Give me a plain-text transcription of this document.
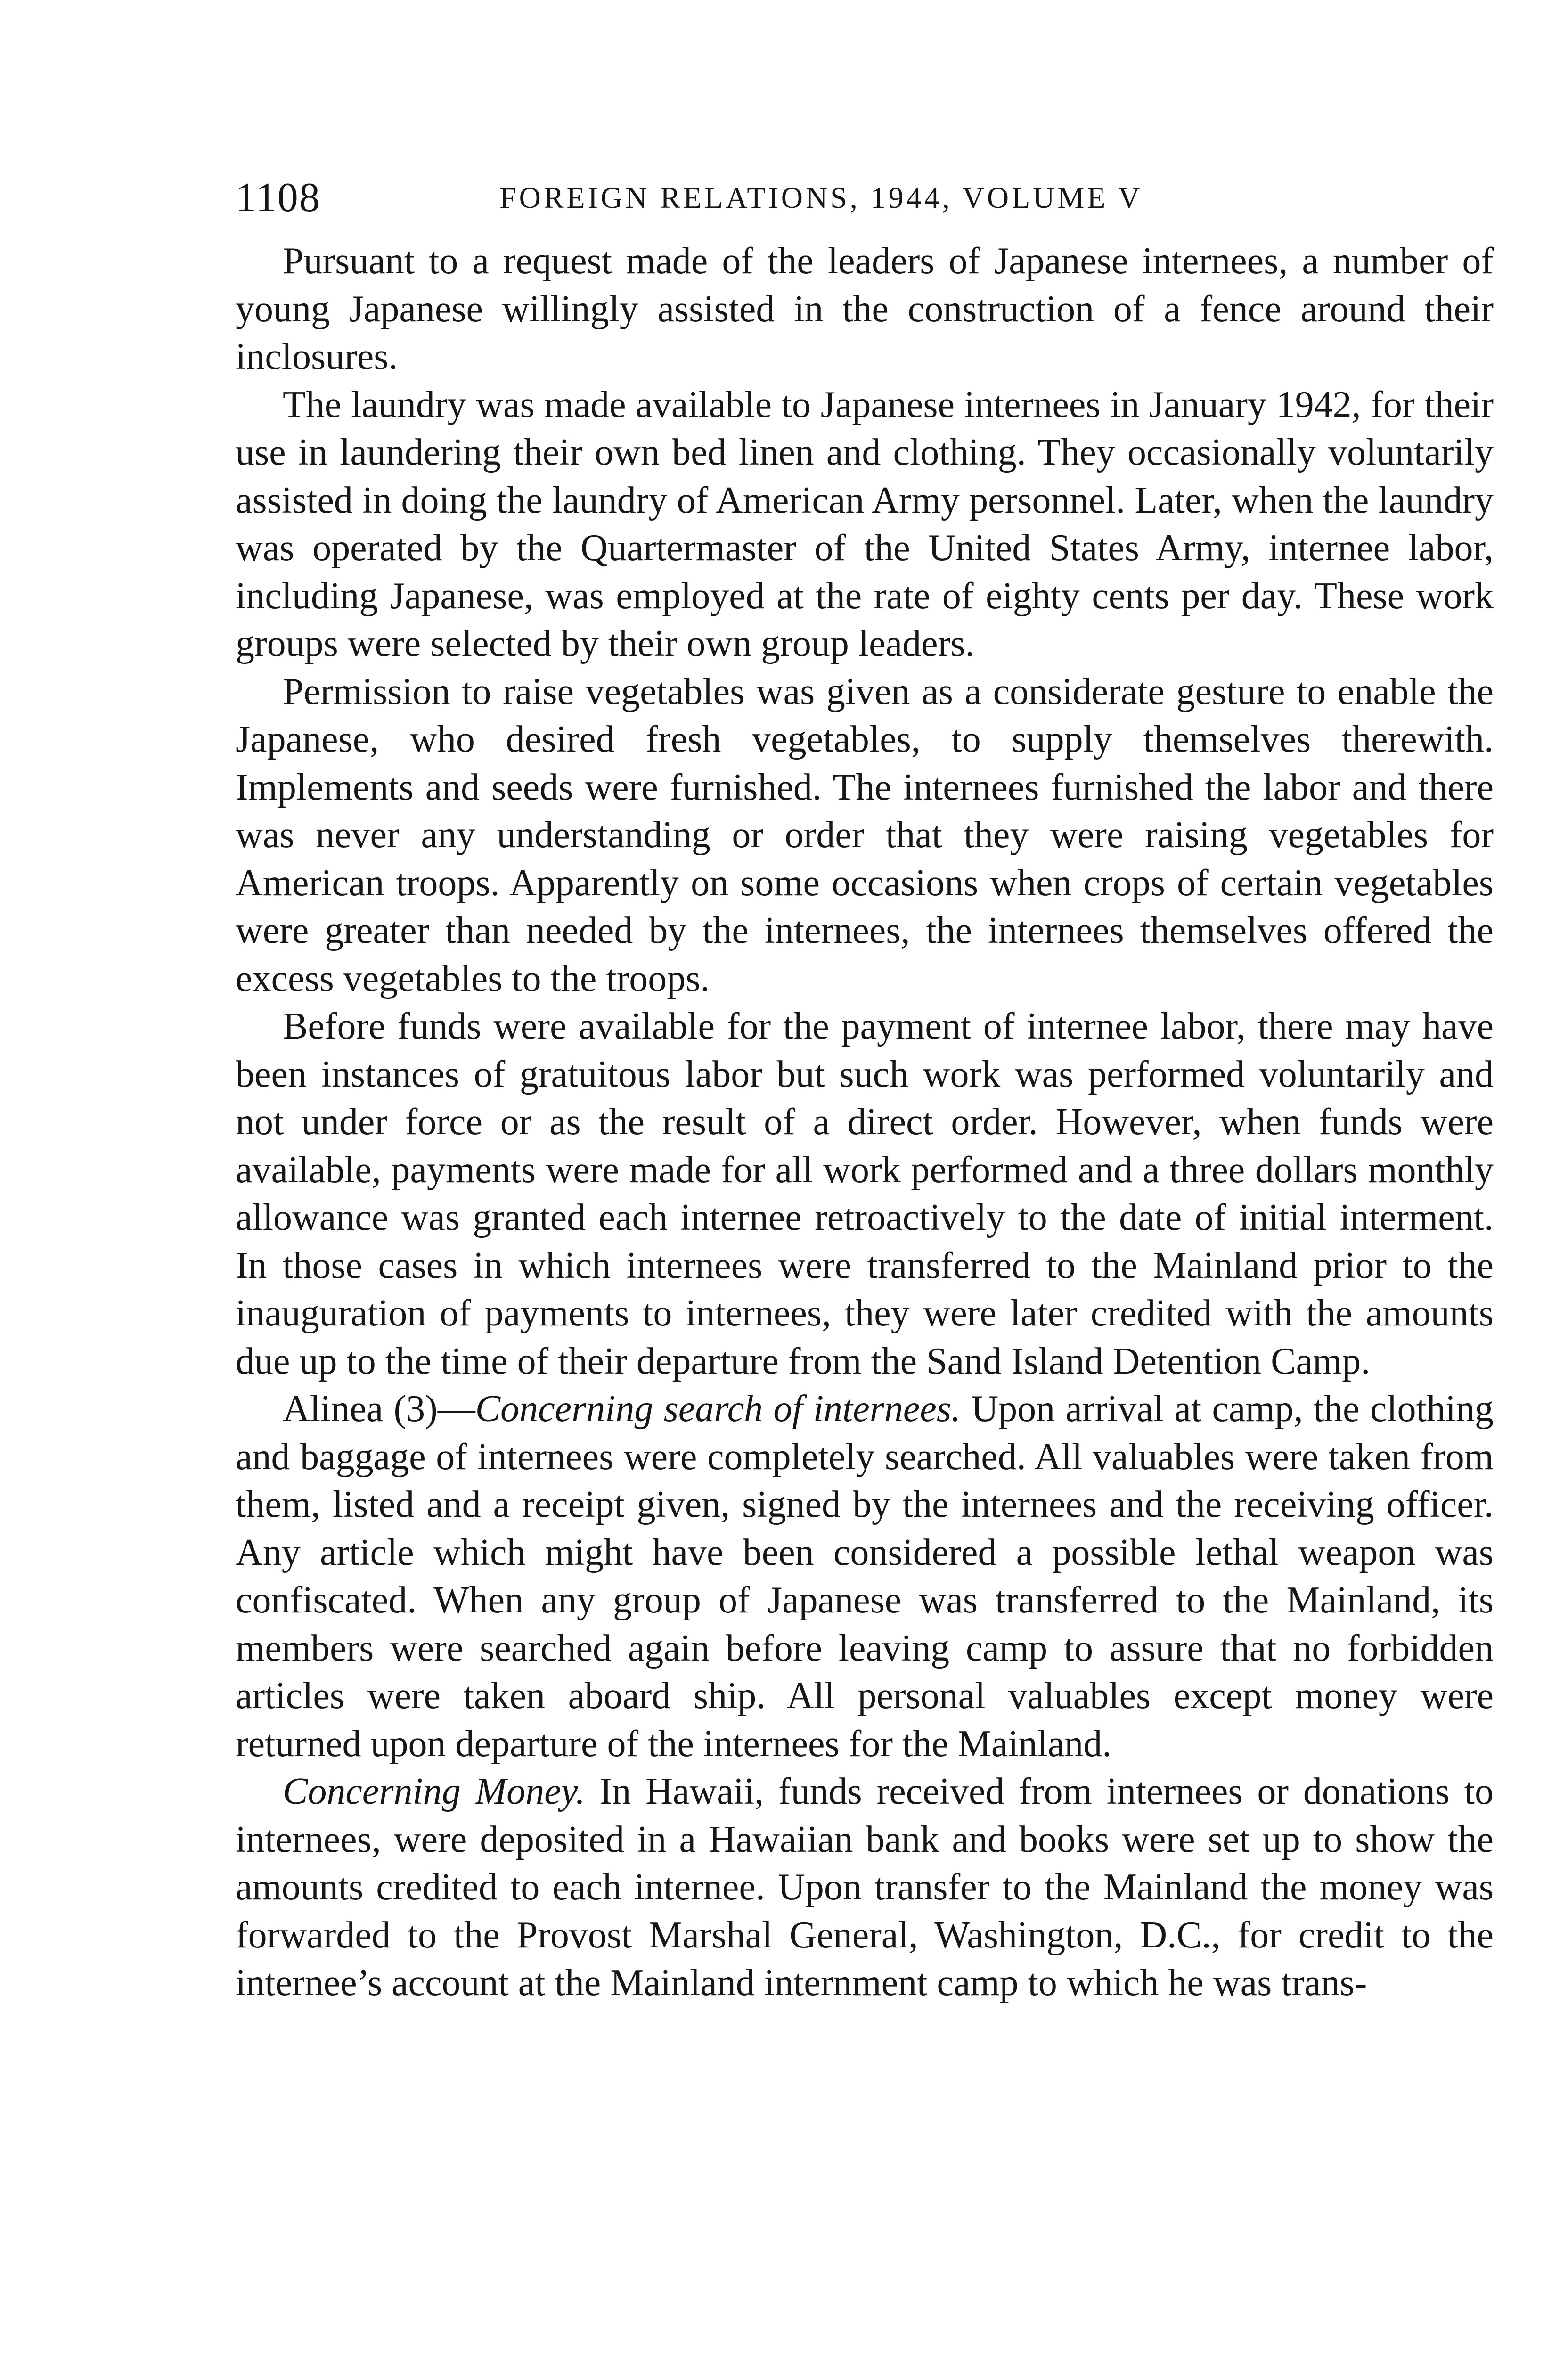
1108	FOREIGN RELATIONS, 1944, VOLUME V

Pursuant to a request made of the leaders of Japanese internees, a number of young Japanese willingly assisted in the construction of a fence around their inclosures.

The laundry was made available to Japanese internees in January 1942, for their use in laundering their own bed linen and clothing. They occasionally voluntarily assisted in doing the laundry of American Army personnel. Later, when the laundry was operated by the Quartermaster of the United States Army, internee labor, including Japanese, was employed at the rate of eighty cents per day. These work groups were selected by their own group leaders.

Permission to raise vegetables was given as a considerate gesture to enable the Japanese, who desired fresh vegetables, to supply themselves therewith. Implements and seeds were furnished. The internees furnished the labor and there was never any understanding or order that they were raising vegetables for American troops. Apparently on some occasions when crops of certain vegetables were greater than needed by the internees, the internees themselves offered the excess vegetables to the troops.

Before funds were available for the payment of internee labor, there may have been instances of gratuitous labor but such work was performed voluntarily and not under force or as the result of a direct order. However, when funds were available, payments were made for all work performed and a three dollars monthly allowance was granted each internee retroactively to the date of initial interment. In those cases in which internees were transferred to the Mainland prior to the inauguration of payments to internees, they were later credited with the amounts due up to the time of their departure from the Sand Island Detention Camp.

Alinea (3)—Concerning search of internees. Upon arrival at camp, the clothing and baggage of internees were completely searched. All valuables were taken from them, listed and a receipt given, signed by the internees and the receiving officer. Any article which might have been considered a possible lethal weapon was confiscated. When any group of Japanese was transferred to the Mainland, its members were searched again before leaving camp to assure that no forbidden articles were taken aboard ship. All personal valuables except money were returned upon departure of the internees for the Mainland.

Concerning Money. In Hawaii, funds received from internees or donations to internees, were deposited in a Hawaiian bank and books were set up to show the amounts credited to each internee. Upon transfer to the Mainland the money was forwarded to the Provost Marshal General, Washington, D.C., for credit to the internee’s account at the Mainland internment camp to which he was trans-
